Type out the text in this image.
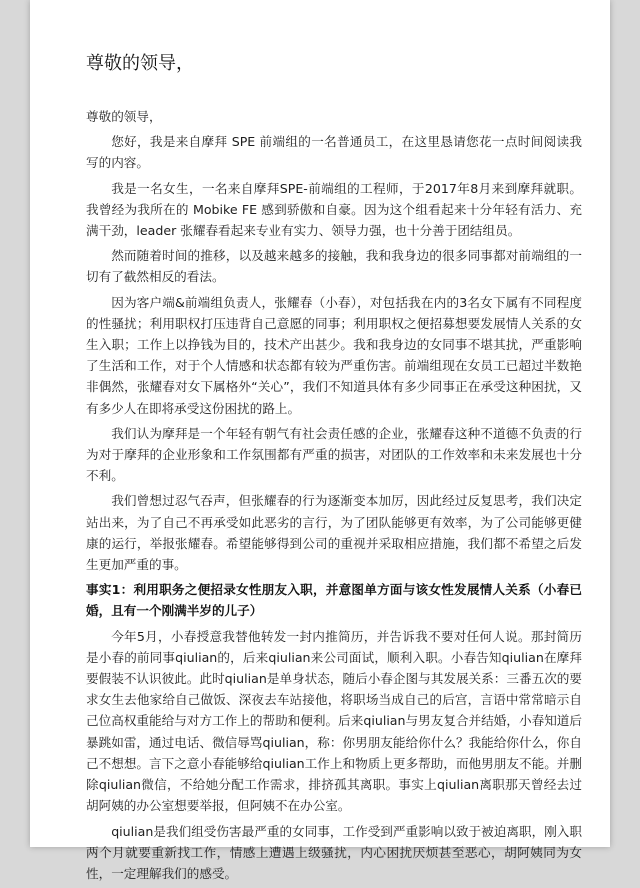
尊敬的领导，

尊敬的领导，

您好，我是来自摩拜 SPE 前端组的一名普通员工，在这里恳请您花一点时间阅读我写的内容。

我是一名女生，一名来自摩拜SPE-前端组的工程师，于2017年8月来到摩拜就职。我曾经为我所在的 Mobike FE 感到骄傲和自豪。因为这个组看起来十分年轻有活力、充满干劲，leader 张耀春看起来专业有实力、领导力强，也十分善于团结组员。

然而随着时间的推移，以及越来越多的接触，我和我身边的很多同事都对前端组的一切有了截然相反的看法。

因为客户端&前端组负责人，张耀春（小春），对包括我在内的3名女下属有不同程度的性骚扰；利用职权打压违背自己意愿的同事；利用职权之便招募想要发展情人关系的女生入职；工作上以挣钱为目的，技术产出甚少。我和我身边的女同事不堪其扰，严重影响了生活和工作，对于个人情感和状态都有较为严重伤害。前端组现在女员工已超过半数艳非偶然，张耀春对女下属格外“关心”，我们不知道具体有多少同事正在承受这种困扰，又有多少人在即将承受这份困扰的路上。

我们认为摩拜是一个年轻有朝气有社会责任感的企业，张耀春这种不道德不负责的行为对于摩拜的企业形象和工作氛围都有严重的损害，对团队的工作效率和未来发展也十分不利。

我们曾想过忍气吞声，但张耀春的行为逐渐变本加厉，因此经过反复思考，我们决定站出来，为了自己不再承受如此恶劣的言行，为了团队能够更有效率，为了公司能够更健康的运行，举报张耀春。希望能够得到公司的重视并采取相应措施，我们都不希望之后发生更加严重的事。

事实1：利用职务之便招录女性朋友入职，并意图单方面与该女性发展情人关系（小春已婚，且有一个刚满半岁的儿子）

今年5月，小春授意我替他转发一封内推简历，并告诉我不要对任何人说。那封简历是小春的前同事qiulian的，后来qiulian来公司面试，顺利入职。小春告知qiulian在摩拜要假装不认识彼此。此时qiulian是单身状态，随后小春企图与其发展关系：三番五次的要求女生去他家给自己做饭、深夜去车站接他，将职场当成自己的后宫，言语中常常暗示自己位高权重能给与对方工作上的帮助和便利。后来qiulian与男友复合并结婚，小春知道后暴跳如雷，通过电话、微信辱骂qiulian，称：你男朋友能给你什么？我能给你什么，你自己不想想。言下之意小春能够给qiulian工作上和物质上更多帮助，而他男朋友不能。并删除qiulian微信，不给她分配工作需求，排挤孤其离职。事实上qiulian离职那天曾经去过胡阿姨的办公室想要举报，但阿姨不在办公室。

qiulian是我们组受伤害最严重的女同事，工作受到严重影响以致于被迫离职，刚入职两个月就要重新找工作，情感上遭遇上级骚扰，内心困扰厌烦甚至恶心，胡阿姨同为女性，一定理解我们的感受。
